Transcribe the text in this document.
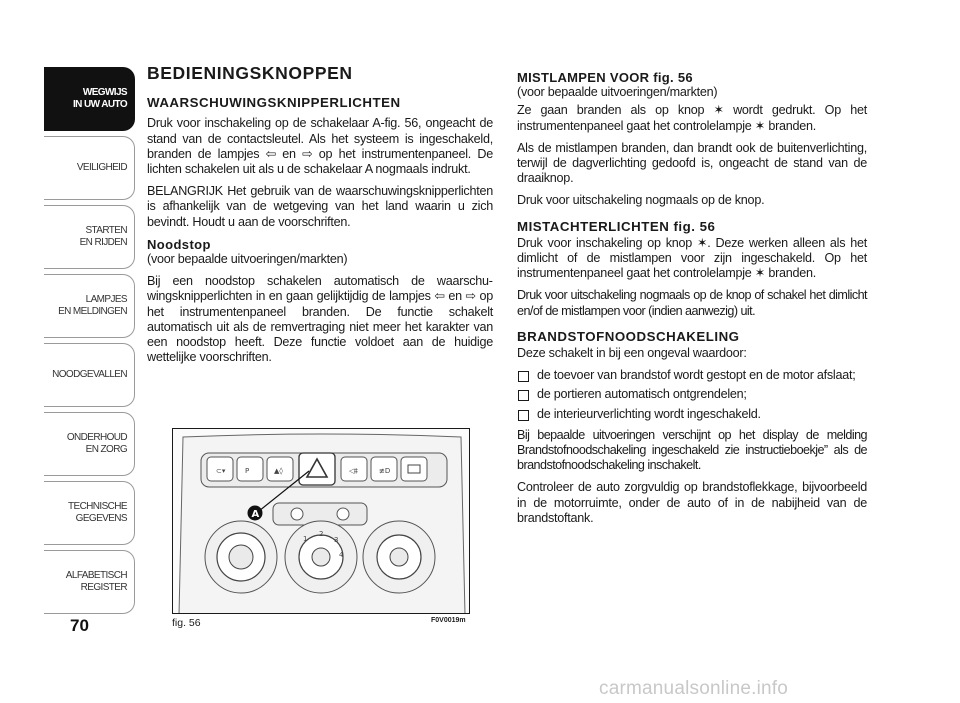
WEGWIJS
IN UW AUTO
VEILIGHEID
STARTEN
EN RIJDEN
LAMPJES
EN MELDINGEN
NOODGEVALLEN
ONDERHOUD
EN ZORG
TECHNISCHE
GEGEVENS
ALFABETISCH
REGISTER
70
BEDIENINGSKNOPPEN
WAARSCHUWINGSKNIPPERLICHTEN

Druk voor inschakeling op de schakelaar A-fig. 56, ongeacht de stand van de contactsleutel. Als het systeem is ingeschakeld, branden de lampjes ⇦ en ⇨ op het instrumentenpaneel. De lichten schakelen uit als u de schakelaar A nogmaals indrukt.

BELANGRIJK Het gebruik van de waarschuwingsknipperlichten is afhankelijk van de wetgeving van het land waarin u zich bevindt. Houdt u aan de voorschriften.

Noodstop
(voor bepaalde uitvoeringen/markten)

Bij een noodstop schakelen automatisch de waarschuwingsknipperlichten in en gaan gelijktijdig de lampjes ⇦ en ⇨ op het instrumentenpaneel branden. De functie schakelt automatisch uit als de remvertraging niet meer het karakter van een noodstop heeft. Deze functie voldoet aan de huidige wettelijke voorschriften.

⊂▾	P	▲◊	◁‡	≢D
1
2
3
4
A
fig. 56	F0V0019m
MISTLAMPEN VOOR fig. 56
(voor bepaalde uitvoeringen/markten)

Ze gaan branden als op knop ✶ wordt gedrukt. Op het instrumentenpaneel gaat het controlelampje ✶ branden.

Als de mistlampen branden, dan brandt ook de buitenverlichting, terwijl de dagverlichting gedoofd is, ongeacht de stand van de draaiknop.

Druk voor uitschakeling nogmaals op de knop.

MISTACHTERLICHTEN fig. 56

Druk voor inschakeling op knop ✶. Deze werken alleen als het dimlicht of de mistlampen voor zijn ingeschakeld. Op het instrumentenpaneel gaat het controlelampje ✶ branden.

Druk voor uitschakeling nogmaals op de knop of schakel het dimlicht en/of de mistlampen voor (indien aanwezig) uit.

BRANDSTOFNOODSCHAKELING

Deze schakelt in bij een ongeval waardoor:

de toevoer van brandstof wordt gestopt en de motor afslaat;
de portieren automatisch ontgrendelen;
de interieurverlichting wordt ingeschakeld.

Bij bepaalde uitvoeringen verschijnt op het display de melding Brandstofnoodschakeling ingeschakeld zie instructieboekje” als de brandstofnoodschakeling inschakelt.

Controleer de auto zorgvuldig op brandstoflekkage, bijvoorbeeld in de motorruimte, onder de auto of in de nabijheid van de brandstoftank.

carmanualsonline.info
